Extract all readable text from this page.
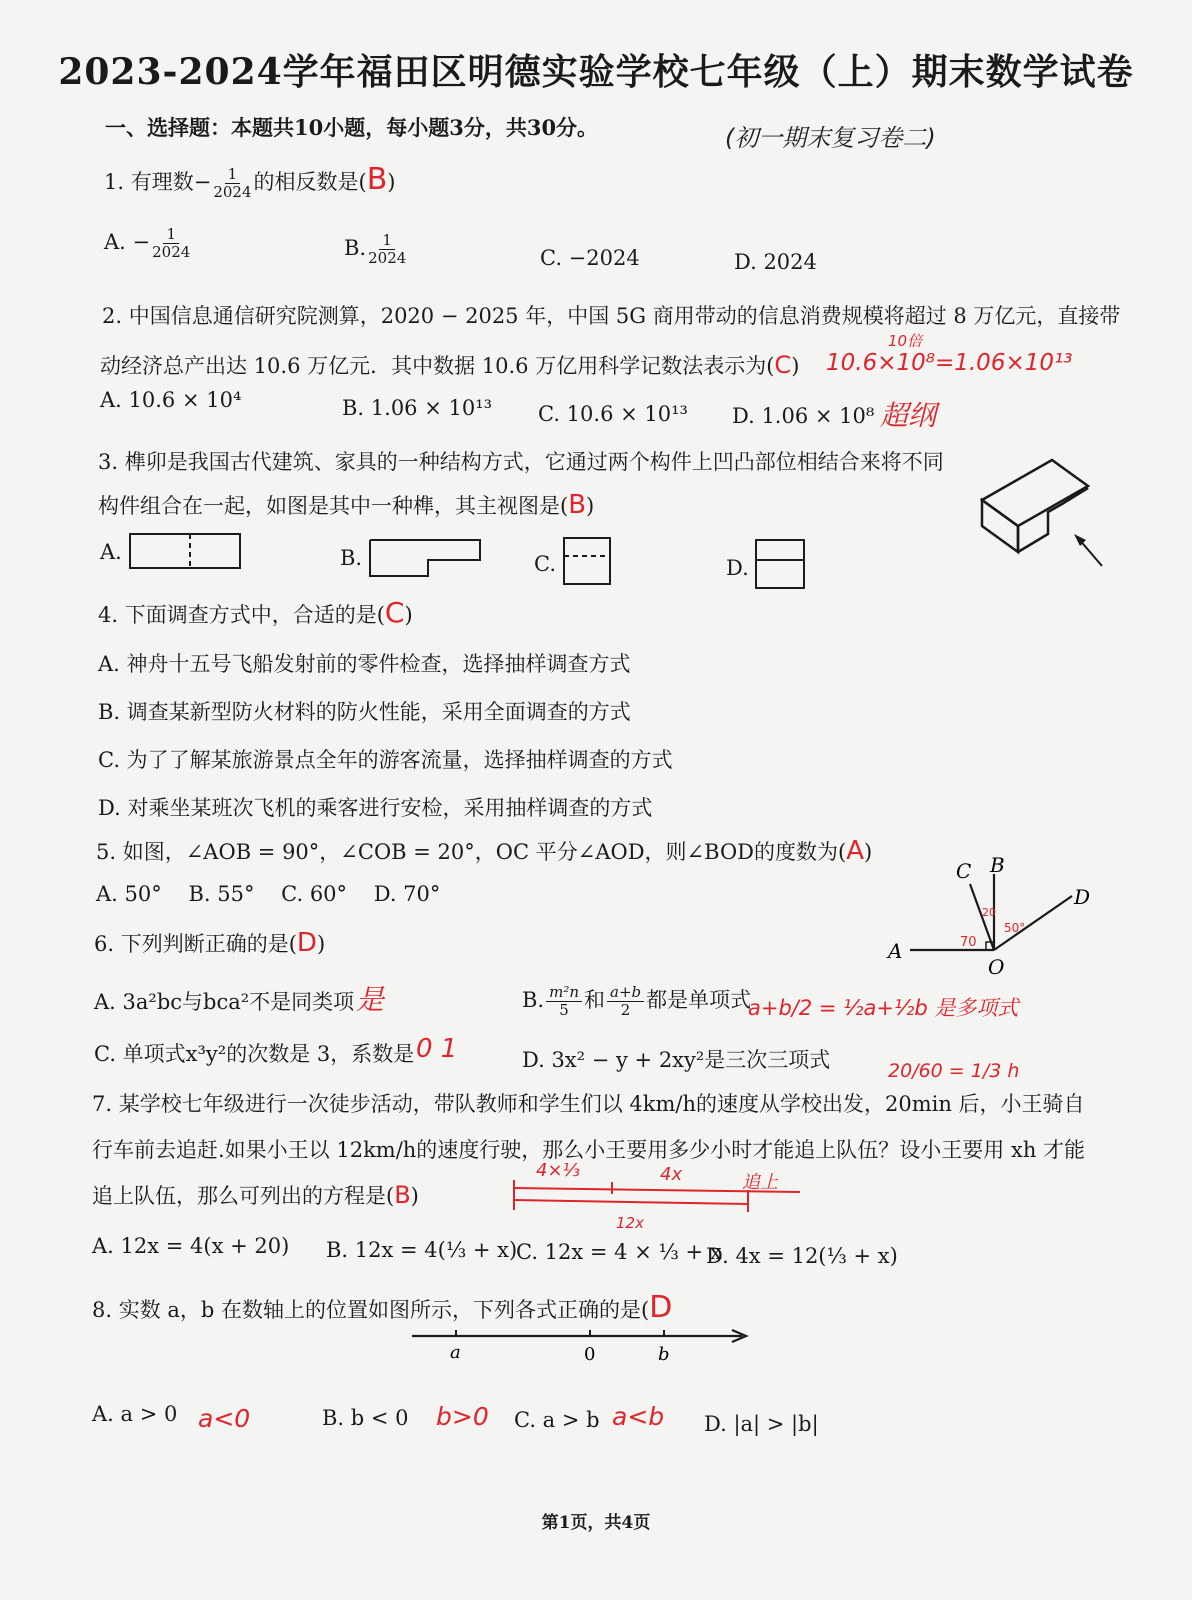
2023-2024学年福田区明德实验学校七年级（上）期末数学试卷
一、选择题：本题共10小题，每小题3分，共30分。	(初一期末复习卷二)
1. 有理数− $\frac{1}{2024}$ 的相反数是(B)
A. − $\frac{1}{2024}$	B. $\frac{1}{2024}$	C. −2024	D. 2024
2. 中国信息通信研究院测算，2020 − 2025 年，中国 5G 商用带动的信息消费规模将超过 8 万亿元，直接带
动经济总产出达 10.6 万亿元．其中数据 10.6 万亿用科学记数法表示为(C)
10倍
10.6×10⁸=1.06×10¹³
超纲
A. 10.6 × 10⁴	B. 1.06 × 10¹³ C. 10.6 × 10¹³ D. 1.06 × 10⁸
3. 榫卯是我国古代建筑、家具的一种结构方式，它通过两个构件上凹凸部位相结合来将不同
构件组合在一起，如图是其中一种榫，其主视图是(B)
A.	B.	C.	D.
4. 下面调查方式中，合适的是(C)
A. 神舟十五号飞船发射前的零件检查，选择抽样调查方式
B. 调查某新型防火材料的防火性能，采用全面调查的方式
C. 为了了解某旅游景点全年的游客流量，选择抽样调查的方式
D. 对乘坐某班次飞机的乘客进行安检，采用抽样调查的方式
5. 如图，∠AOB = 90°，∠COB = 20°，OC 平分∠AOD，则∠BOD的度数为(A)
A. 50°    B. 55°    C. 60°    D. 70°
C B
D
A
O
20
50°
70
6. 下列判断正确的是(D)
A. 3a²bc与bca²不是同类项 是	B. $\frac{\text{m²n}}{5}$ 和 $\frac{a+b}{2}$ 都是单项式
a+b/2 = ½a+½b 是多项式
C. 单项式x³y²的次数是 3，系数是 0 1	D. 3x² − y + 2xy²是三次三项式	20/60 = 1/3 h
7. 某学校七年级进行一次徒步活动，带队教师和学生们以 4km/h的速度从学校出发，20min 后，小王骑自
行车前去追赶.如果小王以 12km/h的速度行驶，那么小王要用多少小时才能追上队伍？设小王要用 xh 才能
追上队伍，那么可列出的方程是(B)
4×⅓	4x	追上
12x
A. 12x = 4(x + 20) B. 12x = 4(⅓ + x)
C. 12x = 4 × ⅓ + x
D. 4x = 12(⅓ + x)
8. 实数 a，b 在数轴上的位置如图所示，下列各式正确的是(D
a	0	b
A. a > 0 a<0	B. b < 0 b>0 C. a > b a<b D. |a| > |b|
第1页，共4页
